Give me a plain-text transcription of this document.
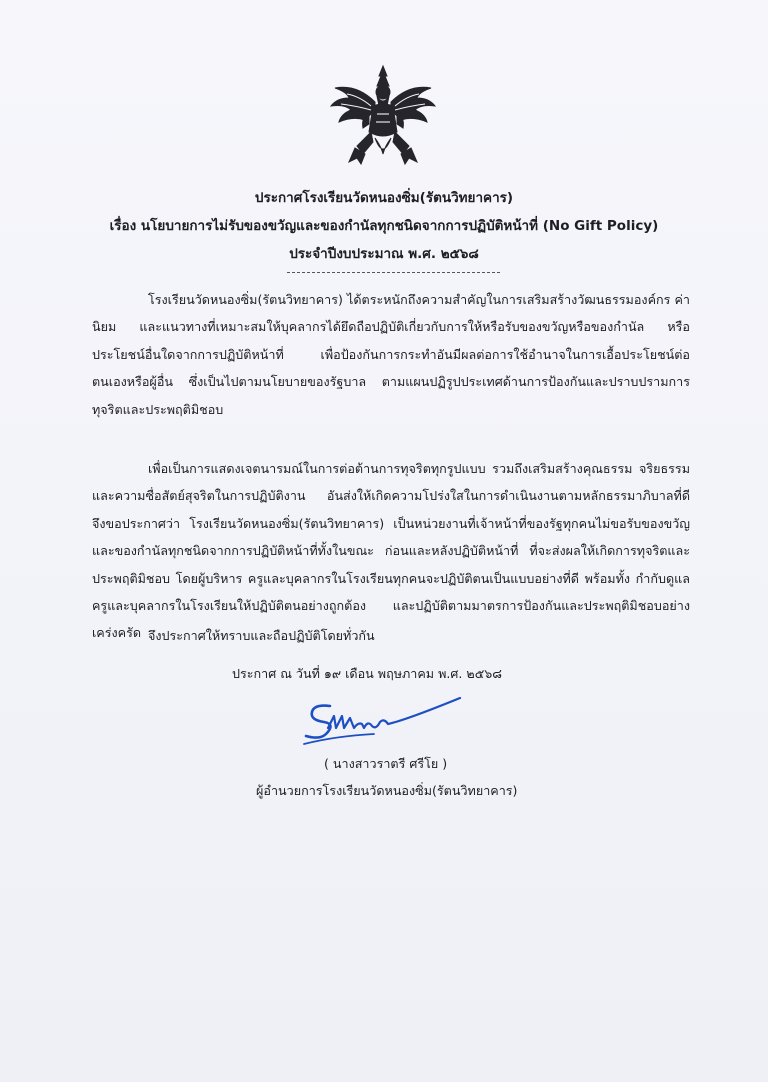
ประกาศโรงเรียนวัดหนองซิ่ม(รัตนวิทยาคาร)
เรื่อง นโยบายการไม่รับของขวัญและของกำนัลทุกชนิดจากการปฏิบัติหน้าที่ (No Gift Policy)
ประจำปีงบประมาณ พ.ศ. ๒๕๖๘

โรงเรียนวัดหนองซิ่ม(รัตนวิทยาคาร) ได้ตระหนักถึงความสำคัญในการเสริมสร้างวัฒนธรรมองค์กร ค่านิยม และแนวทางที่เหมาะสมให้บุคลากรได้ยึดถือปฏิบัติเกี่ยวกับการให้หรือรับของขวัญหรือของกำนัล หรือประโยชน์อื่นใดจากการปฏิบัติหน้าที่ เพื่อป้องกันการกระทำอันมีผลต่อการใช้อำนาจในการเอื้อประโยชน์ต่อตนเองหรือผู้อื่น ซึ่งเป็นไปตามนโยบายของรัฐบาล ตามแผนปฏิรูปประเทศด้านการป้องกันและปราบปรามการทุจริตและประพฤติมิชอบ

เพื่อเป็นการแสดงเจตนารมณ์ในการต่อต้านการทุจริตทุกรูปแบบ รวมถึงเสริมสร้างคุณธรรม จริยธรรม และความซื่อสัตย์สุจริตในการปฏิบัติงาน อันส่งให้เกิดความโปร่งใสในการดำเนินงานตามหลักธรรมาภิบาลที่ดี จึงขอประกาศว่า โรงเรียนวัดหนองซิ่ม(รัตนวิทยาคาร) เป็นหน่วยงานที่เจ้าหน้าที่ของรัฐทุกคนไม่ขอรับของขวัญและของกำนัลทุกชนิดจากการปฏิบัติหน้าที่ทั้งในขณะ ก่อนและหลังปฏิบัติหน้าที่ ที่จะส่งผลให้เกิดการทุจริตและประพฤติมิชอบ โดยผู้บริหาร ครูและบุคลากรในโรงเรียนทุกคนจะปฏิบัติตนเป็นแบบอย่างที่ดี พร้อมทั้ง กำกับดูแลครูและบุคลากรในโรงเรียนให้ปฏิบัติตนอย่างถูกต้อง และปฏิบัติตามมาตรการป้องกันและประพฤติมิชอบอย่างเคร่งครัด จึงประกาศให้ทราบและถือปฏิบัติโดยทั่วกัน
ประกาศ ณ วันที่ ๑๙ เดือน พฤษภาคม พ.ศ. ๒๕๖๘
( นางสาวราตรี ศรีโย )
ผู้อำนวยการโรงเรียนวัดหนองซิ่ม(รัตนวิทยาคาร)
